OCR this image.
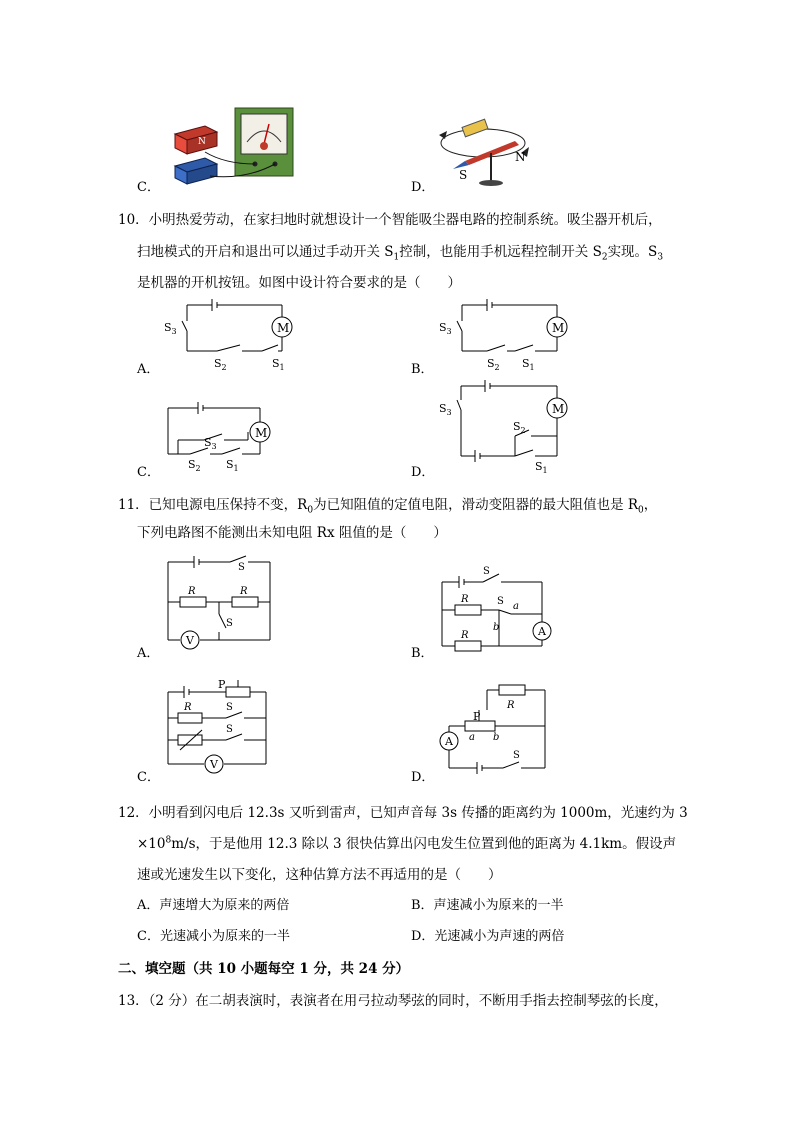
N
C．
N
S
D．
10．小明热爱劳动，在家扫地时就想设计一个智能吸尘器电路的控制系统。吸尘器开机后，
扫地模式的开启和退出可以通过手动开关 $S_1$控制，也能用手机远程控制开关 $S_2$实现。$S_3$
是机器的开机按钮。如图中设计符合要求的是（　　）
M
$S_3$
$S_2$	$S_1$
A．
M
$S_3$
$S_2$ $S_1$
B．
M
$S_3$
$S_2$ $S_1$
C．
M
$S_3$
$S_2$
$S_1$
D．
11．已知电源电压保持不变，$R_0$为已知阻值的定值电阻，滑动变阻器的最大阻值也是 $R_0$，
下列电路图不能测出未知电阻 Rx 阻值的是（　　）
V
S
R	R
S
A．
A
S
R
R
S a
b
B．
V
P
R	S
S
C．
A
P
R
a b
S
D．
12．小明看到闪电后 12.3s 又听到雷声，已知声音每 3s 传播的距离约为 1000m，光速约为 3
$\times 10^8m/s$，于是他用 12.3 除以 3 很快估算出闪电发生位置到他的距离为 4.1km。假设声
速或光速发生以下变化，这种估算方法不再适用的是（　　）
A．声速增大为原来的两倍	B．声速减小为原来的一半
C．光速减小为原来的一半	D．光速减小为声速的两倍
二、填空题（共 10 小题每空 1 分，共 24 分）
13．（2 分）在二胡表演时，表演者在用弓拉动琴弦的同时，不断用手指去控制琴弦的长度，
